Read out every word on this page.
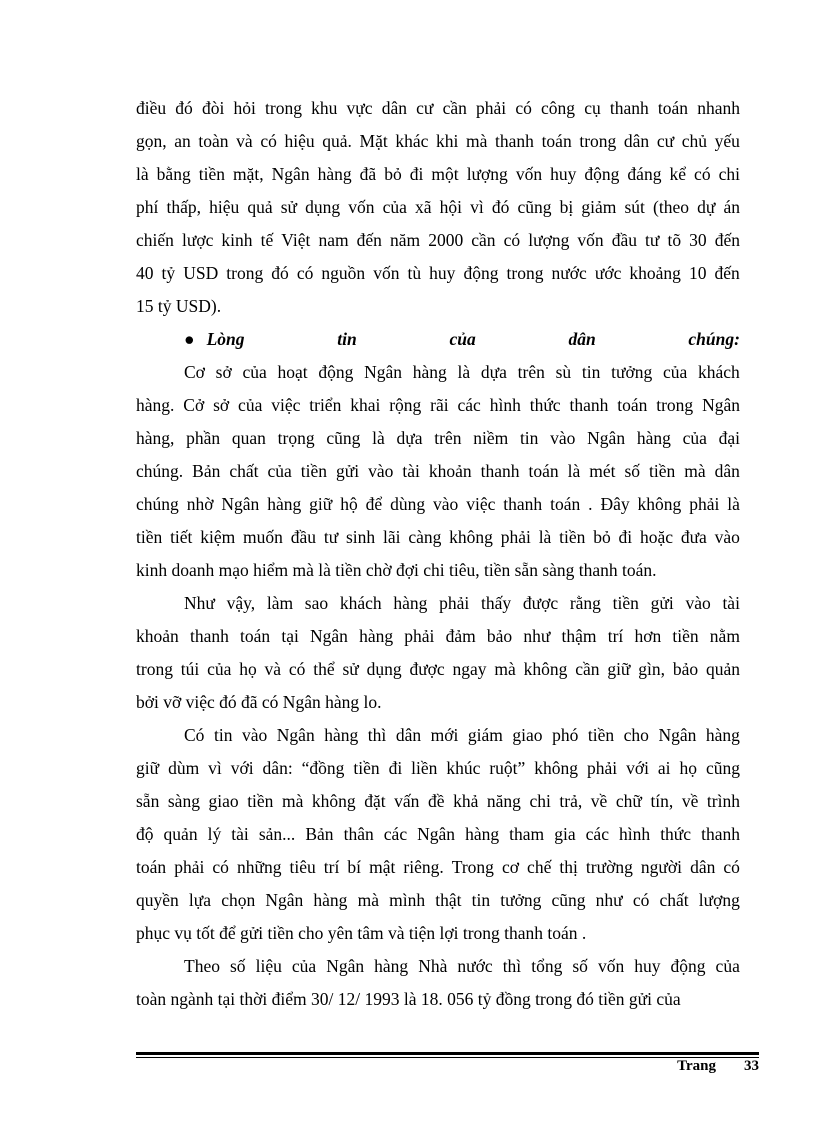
điều đó đòi hỏi trong khu vực dân cư cần phải có công cụ thanh toán nhanh
gọn, an toàn và có hiệu quả. Mặt khác khi mà thanh toán trong dân cư chủ yếu
là bằng tiền mặt, Ngân hàng đã bỏ đi một lượng vốn huy động đáng kể có chi
phí thấp, hiệu quả sử dụng vốn của xã hội vì đó cũng bị giảm sút (theo dự án
chiến lược kinh tế Việt nam đến năm 2000 cần có lượng vốn đầu tư tõ 30 đến
40 tỷ USD trong đó có nguồn vốn tù huy động trong nước ước khoảng 10 đến
15 tỷ USD).
● Lòng	tin	của	dân	chúng:
Cơ sở của hoạt động Ngân hàng là dựa trên sù tin tưởng của khách
hàng. Cở sở của việc triển khai rộng rãi các hình thức thanh toán trong Ngân
hàng, phần quan trọng cũng là dựa trên niềm tin vào Ngân hàng của đại
chúng. Bản chất của tiền gửi vào tài khoản thanh toán là mét số tiền mà dân
chúng nhờ Ngân hàng giữ hộ để dùng vào việc thanh toán . Đây không phải là
tiền tiết kiệm muốn đầu tư sinh lãi càng không phải là tiền bỏ đi hoặc đưa vào
kinh doanh mạo hiểm mà là tiền chờ đợi chi tiêu, tiền sẵn sàng thanh toán.
Như vậy, làm sao khách hàng phải thấy được rằng tiền gửi vào tài
khoản thanh toán tại Ngân hàng phải đảm bảo như thậm trí hơn tiền nằm
trong túi của họ và có thể sử dụng được ngay mà không cần giữ gìn, bảo quản
bởi vỡ việc đó đã có Ngân hàng lo.
Có tin vào Ngân hàng thì dân mới giám giao phó tiền cho Ngân hàng
giữ dùm vì với dân: “đồng tiền đi liền khúc ruột” không phải với ai họ cũng
sẵn sàng giao tiền mà không đặt vấn đề khả năng chi trả, về chữ tín, về trình
độ quản lý tài sản... Bản thân các Ngân hàng tham gia các hình thức thanh
toán phải có những tiêu trí bí mật riêng. Trong cơ chế thị trường người dân có
quyền lựa chọn Ngân hàng mà mình thật tin tưởng cũng như có chất lượng
phục vụ tốt để gửi tiền cho yên tâm và tiện lợi trong thanh toán .
Theo số liệu của Ngân hàng Nhà nước thì tổng số vốn huy động của
toàn ngành tại thời điểm 30/ 12/ 1993 là 18. 056 tỷ đồng trong đó tiền gửi của
Trang 33
